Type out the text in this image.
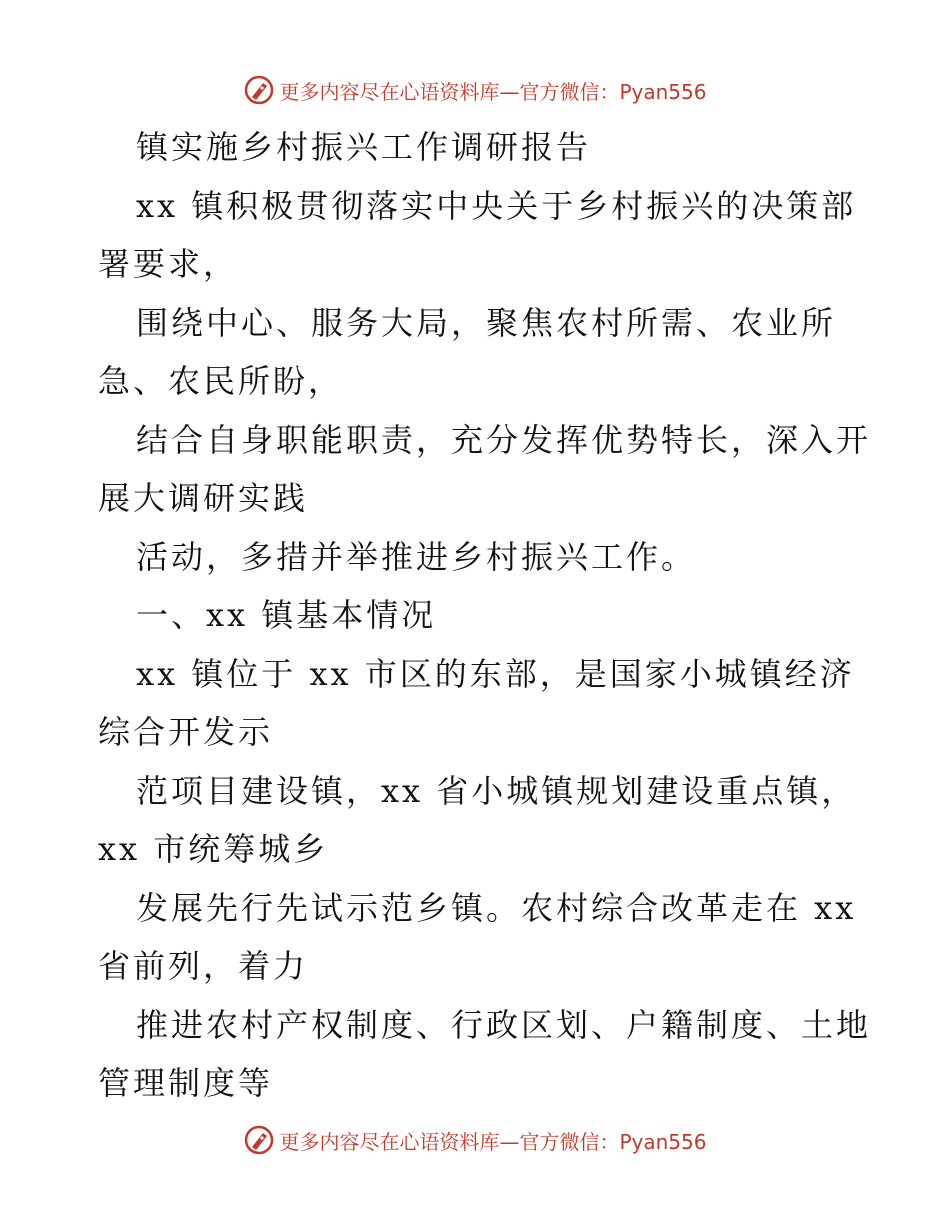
更多内容尽在心语资料库—官方微信：Pyan556
镇实施乡村振兴工作调研报告
xx 镇积极贯彻落实中央关于乡村振兴的决策部
署要求，
围绕中心、服务大局，聚焦农村所需、农业所
急、农民所盼，
结合自身职能职责，充分发挥优势特长，深入开
展大调研实践
活动，多措并举推进乡村振兴工作。
一、xx 镇基本情况
xx 镇位于 xx 市区的东部，是国家小城镇经济
综合开发示
范项目建设镇，xx 省小城镇规划建设重点镇，
xx 市统筹城乡
发展先行先试示范乡镇。农村综合改革走在 xx
省前列，着力
推进农村产权制度、行政区划、户籍制度、土地
管理制度等
更多内容尽在心语资料库—官方微信：Pyan556
